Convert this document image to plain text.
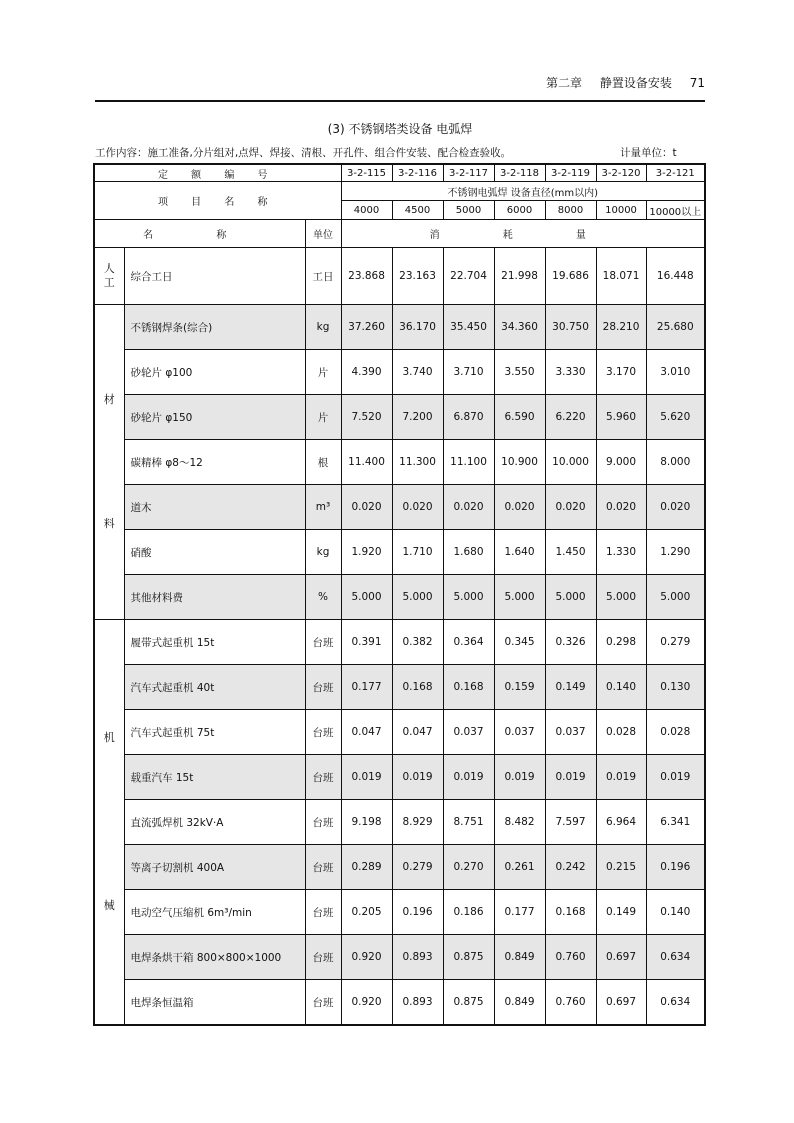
第二章 静置设备安装 71
(3) 不锈钢塔类设备 电弧焊
工作内容：施工准备,分片组对,点焊、焊接、清根、开孔件、组合件安装、配合检查验收。	计量单位：t
定 额 编 号			3-2-115	3-2-116	3-2-117	3-2-118	3-2-119	3-2-120	3-2-121
项 目 名 称			不锈钢电弧焊 设备直径(mm以内)						
			4000	4500	5000	6000	8000	10000	10000以上
名 称		单位	消 耗 量						
人工	综合工日	工日	23.868	23.163	22.704	21.998	19.686	18.071	16.448

材
料	不锈钢焊条(综合)	kg	37.260	36.170	35.450	34.360	30.750	28.210	25.680
	砂轮片 φ100	片	4.390	3.740	3.710	3.550	3.330	3.170	3.010
	砂轮片 φ150	片	7.520	7.200	6.870	6.590	6.220	5.960	5.620
	碳精棒 φ8～12	根	11.400	11.300	11.100	10.900	10.000	9.000	8.000
	道木	m³	0.020	0.020	0.020	0.020	0.020	0.020	0.020
	硝酸	kg	1.920	1.710	1.680	1.640	1.450	1.330	1.290
	其他材料费	%	5.000	5.000	5.000	5.000	5.000	5.000	5.000

机
械	履带式起重机 15t	台班	0.391	0.382	0.364	0.345	0.326	0.298	0.279
	汽车式起重机 40t	台班	0.177	0.168	0.168	0.159	0.149	0.140	0.130
	汽车式起重机 75t	台班	0.047	0.047	0.037	0.037	0.037	0.028	0.028
	载重汽车 15t	台班	0.019	0.019	0.019	0.019	0.019	0.019	0.019
	直流弧焊机 32kV·A	台班	9.198	8.929	8.751	8.482	7.597	6.964	6.341
	等离子切割机 400A	台班	0.289	0.279	0.270	0.261	0.242	0.215	0.196
	电动空气压缩机 6m³/min	台班	0.205	0.196	0.186	0.177	0.168	0.149	0.140
	电焊条烘干箱 800×800×1000	台班	0.920	0.893	0.875	0.849	0.760	0.697	0.634
	电焊条恒温箱	台班	0.920	0.893	0.875	0.849	0.760	0.697	0.634
